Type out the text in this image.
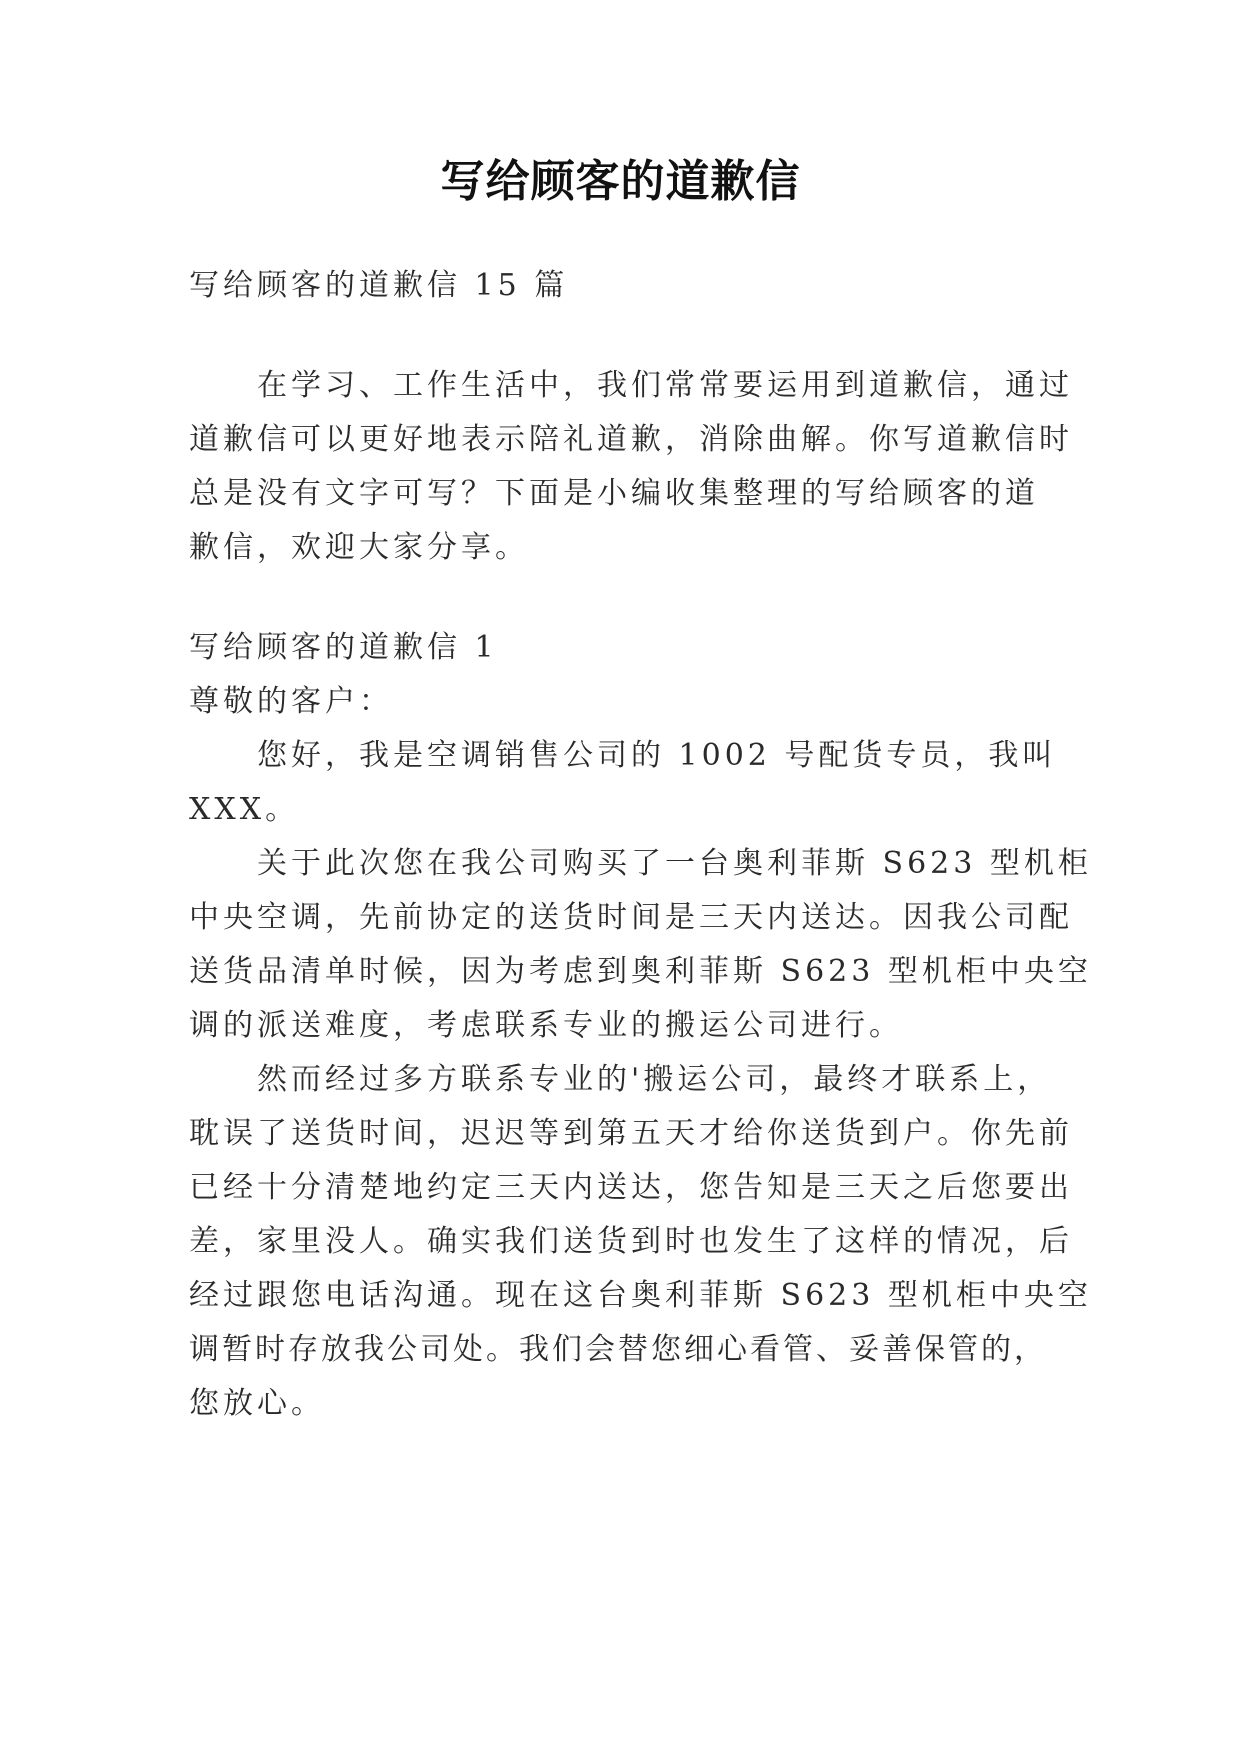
写给顾客的道歉信

写给顾客的道歉信 15 篇

在学习、工作生活中，我们常常要运用到道歉信，通过

道歉信可以更好地表示陪礼道歉，消除曲解。你写道歉信时

总是没有文字可写？下面是小编收集整理的写给顾客的道

歉信，欢迎大家分享。

写给顾客的道歉信 1

尊敬的客户：

您好，我是空调销售公司的 1002 号配货专员，我叫

XXX。

关于此次您在我公司购买了一台奥利菲斯 S623 型机柜

中央空调，先前协定的送货时间是三天内送达。因我公司配

送货品清单时候，因为考虑到奥利菲斯 S623 型机柜中央空

调的派送难度，考虑联系专业的搬运公司进行。

然而经过多方联系专业的'搬运公司，最终才联系上，

耽误了送货时间，迟迟等到第五天才给你送货到户。你先前

已经十分清楚地约定三天内送达，您告知是三天之后您要出

差，家里没人。确实我们送货到时也发生了这样的情况，后

经过跟您电话沟通。现在这台奥利菲斯 S623 型机柜中央空

调暂时存放我公司处。我们会替您细心看管、妥善保管的，

您放心。
